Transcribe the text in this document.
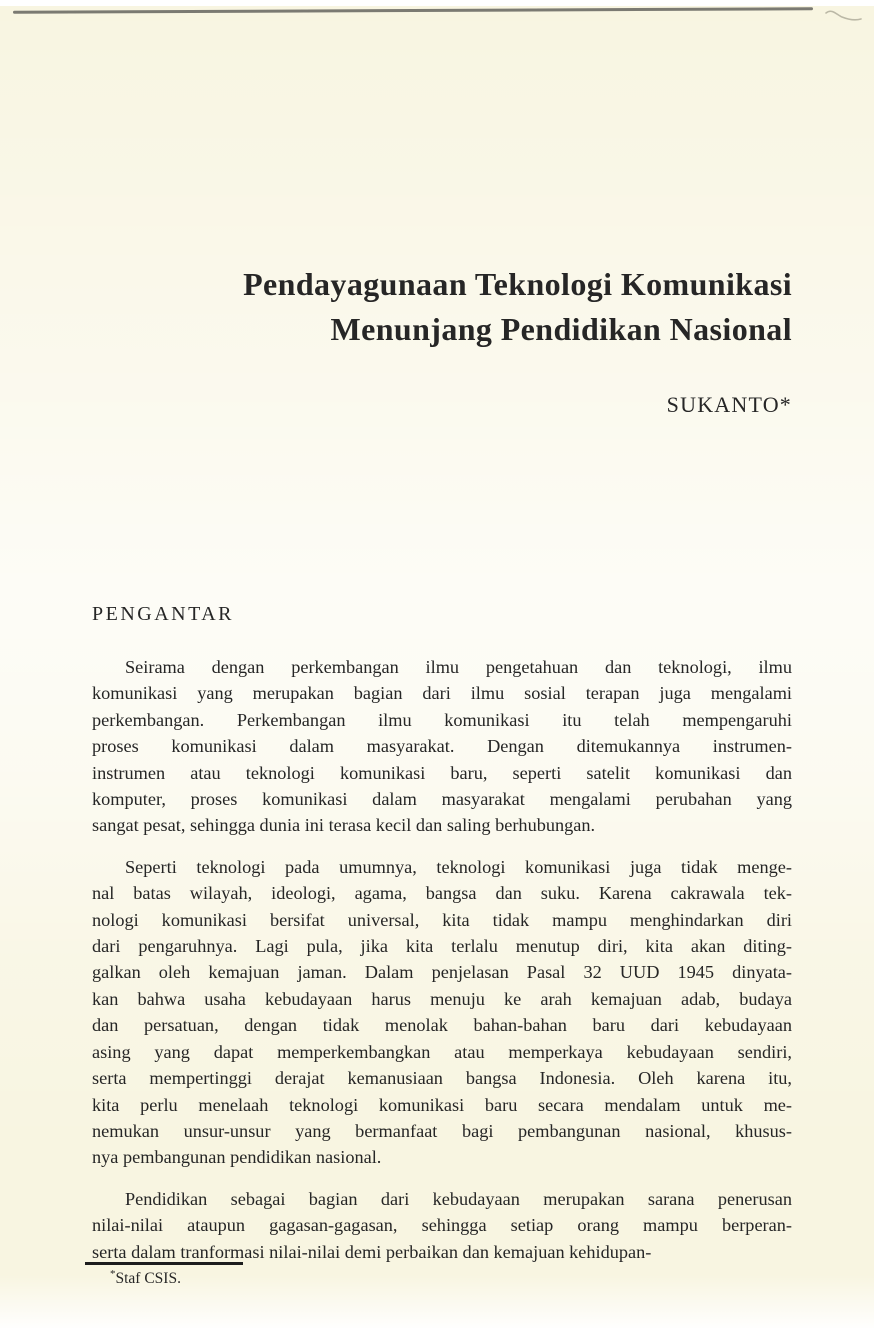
Pendayagunaan Teknologi Komunikasi
Menunjang Pendidikan Nasional
SUKANTO*
PENGANTAR
Seirama dengan perkembangan ilmu pengetahuan dan teknologi, ilmu
komunikasi yang merupakan bagian dari ilmu sosial terapan juga mengalami
perkembangan. Perkembangan ilmu komunikasi itu telah mempengaruhi
proses komunikasi dalam masyarakat. Dengan ditemukannya instrumen-
instrumen atau teknologi komunikasi baru, seperti satelit komunikasi dan
komputer, proses komunikasi dalam masyarakat mengalami perubahan yang
sangat pesat, sehingga dunia ini terasa kecil dan saling berhubungan.
Seperti teknologi pada umumnya, teknologi komunikasi juga tidak menge-
nal batas wilayah, ideologi, agama, bangsa dan suku. Karena cakrawala tek-
nologi komunikasi bersifat universal, kita tidak mampu menghindarkan diri
dari pengaruhnya. Lagi pula, jika kita terlalu menutup diri, kita akan diting-
galkan oleh kemajuan jaman. Dalam penjelasan Pasal 32 UUD 1945 dinyata-
kan bahwa usaha kebudayaan harus menuju ke arah kemajuan adab, budaya
dan persatuan, dengan tidak menolak bahan-bahan baru dari kebudayaan
asing yang dapat memperkembangkan atau memperkaya kebudayaan sendiri,
serta mempertinggi derajat kemanusiaan bangsa Indonesia. Oleh karena itu,
kita perlu menelaah teknologi komunikasi baru secara mendalam untuk me-
nemukan unsur-unsur yang bermanfaat bagi pembangunan nasional, khusus-
nya pembangunan pendidikan nasional.
Pendidikan sebagai bagian dari kebudayaan merupakan sarana penerusan
nilai-nilai ataupun gagasan-gagasan, sehingga setiap orang mampu berperan-
serta dalam tranformasi nilai-nilai demi perbaikan dan kemajuan kehidupan-
*Staf CSIS.
